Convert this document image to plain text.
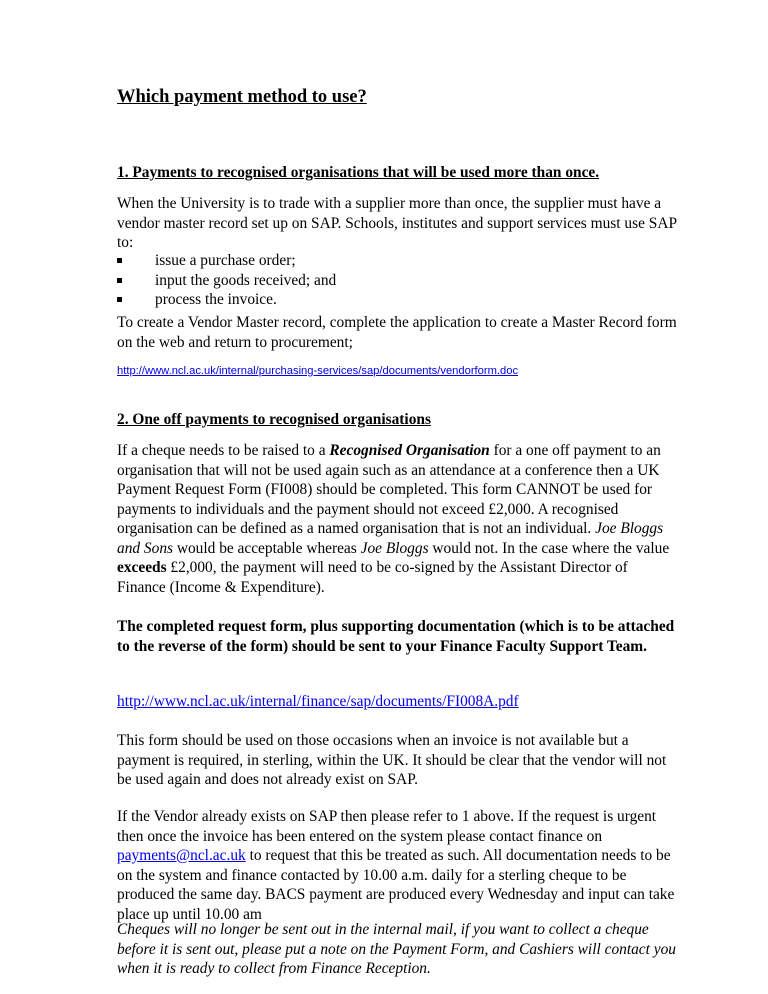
Which payment method to use?
1. Payments to recognised organisations that will be used more than once.

When the University is to trade with a supplier more than once, the supplier must have a vendor master record set up on SAP. Schools, institutes and support services must use SAP to:

issue a purchase order;
input the goods received; and
process the invoice.

To create a Vendor Master record, complete the application to create a Master Record form on the web and return to procurement;

http://www.ncl.ac.uk/internal/purchasing-services/sap/documents/vendorform.doc
2. One off payments to recognised organisations

If a cheque needs to be raised to a Recognised Organisation for a one off payment to an organisation that will not be used again such as an attendance at a conference then a UK Payment Request Form (FI008) should be completed. This form CANNOT be used for payments to individuals and the payment should not exceed £2,000. A recognised organisation can be defined as a named organisation that is not an individual. Joe Bloggs and Sons would be acceptable whereas Joe Bloggs would not. In the case where the value exceeds £2,000, the payment will need to be co-signed by the Assistant Director of Finance (Income & Expenditure).

The completed request form, plus supporting documentation (which is to be attached to the reverse of the form) should be sent to your Finance Faculty Support Team.

http://www.ncl.ac.uk/internal/finance/sap/documents/FI008A.pdf

This form should be used on those occasions when an invoice is not available but a payment is required, in sterling, within the UK. It should be clear that the vendor will not be used again and does not already exist on SAP.

If the Vendor already exists on SAP then please refer to 1 above. If the request is urgent then once the invoice has been entered on the system please contact finance on payments@ncl.ac.uk to request that this be treated as such. All documentation needs to be on the system and finance contacted by 10.00 a.m. daily for a sterling cheque to be produced the same day. BACS payment are produced every Wednesday and input can take place up until 10.00 am

Cheques will no longer be sent out in the internal mail, if you want to collect a cheque before it is sent out, please put a note on the Payment Form, and Cashiers will contact you when it is ready to collect from Finance Reception.
